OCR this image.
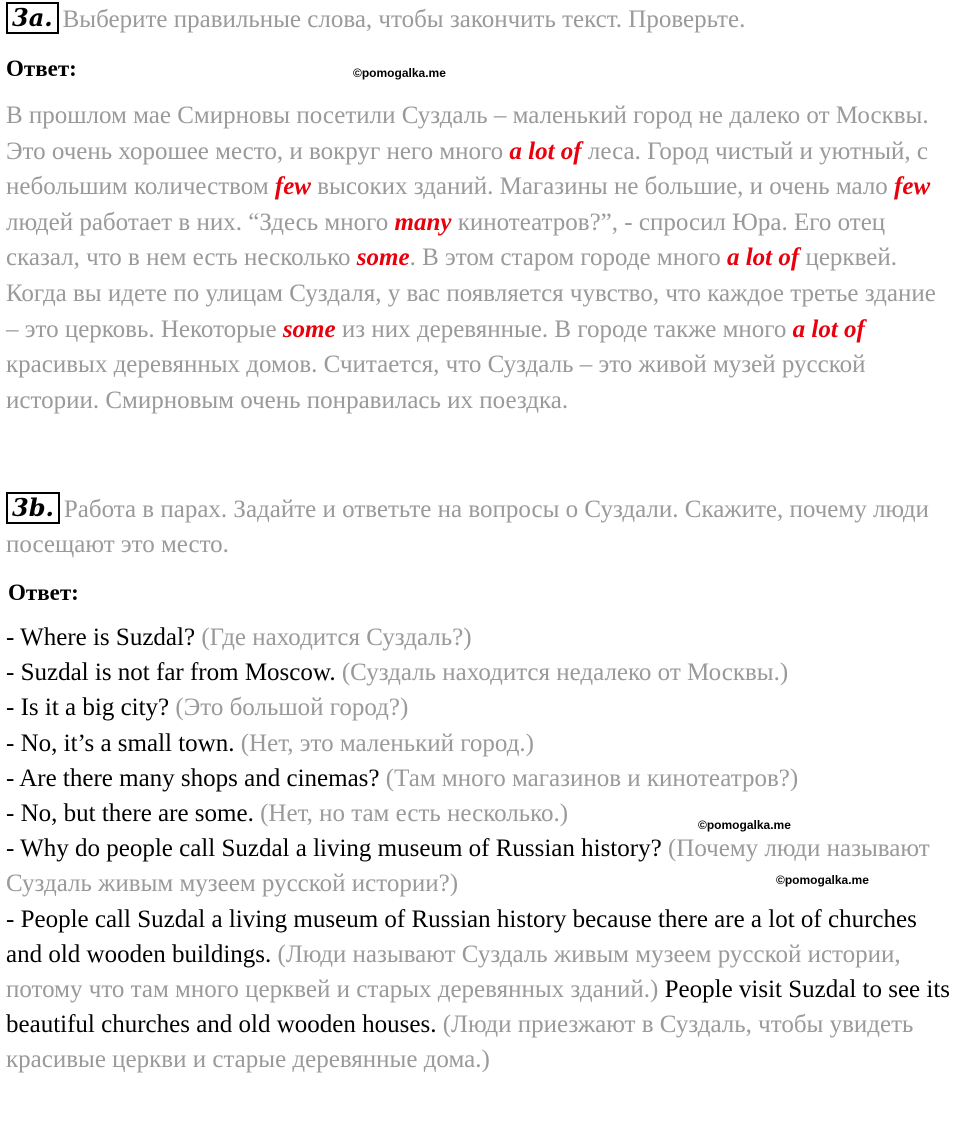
3a. Выберите правильные слова, чтобы закончить текст. Проверьте.

Ответ:	©pomogalka.me

В прошлом мае Смирновы посетили Суздаль – маленький город не далеко от Москвы. Это очень хорошее место, и вокруг него много a lot of леса. Город чистый и уютный, с небольшим количеством few высоких зданий. Магазины не большие, и очень мало few людей работает в них. “Здесь много many кинотеатров?”, - спросил Юра. Его отец сказал, что в нем есть несколько some. В этом старом городе много a lot of церквей. Когда вы идете по улицам Суздаля, у вас появляется чувство, что каждое третье здание – это церковь. Некоторые some из них деревянные. В городе также много a lot of красивых деревянных домов. Считается, что Суздаль – это живой музей русской истории. Смирновым очень понравилась их поездка.

3b. Работа в парах. Задайте и ответьте на вопросы о Суздали. Скажите, почему люди посещают это место.

Ответ:

- Where is Suzdal? (Где находится Суздаль?)
- Suzdal is not far from Moscow. (Суздаль находится недалеко от Москвы.)
- Is it a big city? (Это большой город?)
- No, it’s a small town. (Нет, это маленький город.)
- Are there many shops and cinemas? (Там много магазинов и кинотеатров?)
- No, but there are some. (Нет, но там есть несколько.)
- Why do people call Suzdal a living museum of Russian history? (Почему люди называют Суздаль живым музеем русской истории?)
- People call Suzdal a living museum of Russian history because there are a lot of churches and old wooden buildings. (Люди называют Суздаль живым музеем русской истории, потому что там много церквей и старых деревянных зданий.) People visit Suzdal to see its beautiful churches and old wooden houses. (Люди приезжают в Суздаль, чтобы увидеть красивые церкви и старые деревянные дома.)
©pomogalka.me
©pomogalka.me
